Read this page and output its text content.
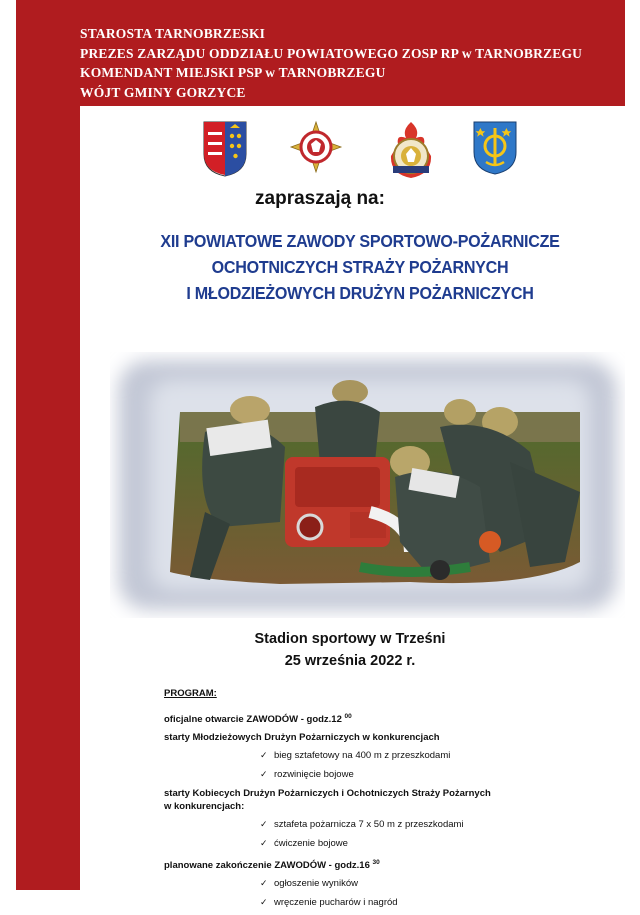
STAROSTA TARNOBRZESKI
PREZES ZARZĄDU ODDZIAŁU POWIATOWEGO ZOSP RP w TARNOBRZEGU
KOMENDANT MIEJSKI PSP w TARNOBRZEGU
WÓJT GMINY GORZYCE
zapraszają na:
XII POWIATOWE ZAWODY SPORTOWO-POŻARNICZE
OCHOTNICZYCH STRAŻY POŻARNYCH
I MŁODZIEŻOWYCH DRUŻYN POŻARNICZYCH
Stadion sportowy w Trześni
25 września 2022 r.
PROGRAM:
oficjalne otwarcie ZAWODÓW - godz.12 $^{00}$
starty Młodzieżowych Drużyn Pożarniczych w konkurencjach
✓ bieg sztafetowy na 400 m z przeszkodami
✓ rozwinięcie bojowe
starty Kobiecych Drużyn Pożarniczych i Ochotniczych Straży Pożarnych
w konkurencjach:
✓ sztafeta pożarnicza 7 x 50 m z przeszkodami
✓ ćwiczenie bojowe
planowane zakończenie ZAWODÓW - godz.16 $^{30}$
✓ ogłoszenie wyników
✓ wręczenie pucharów i nagród
